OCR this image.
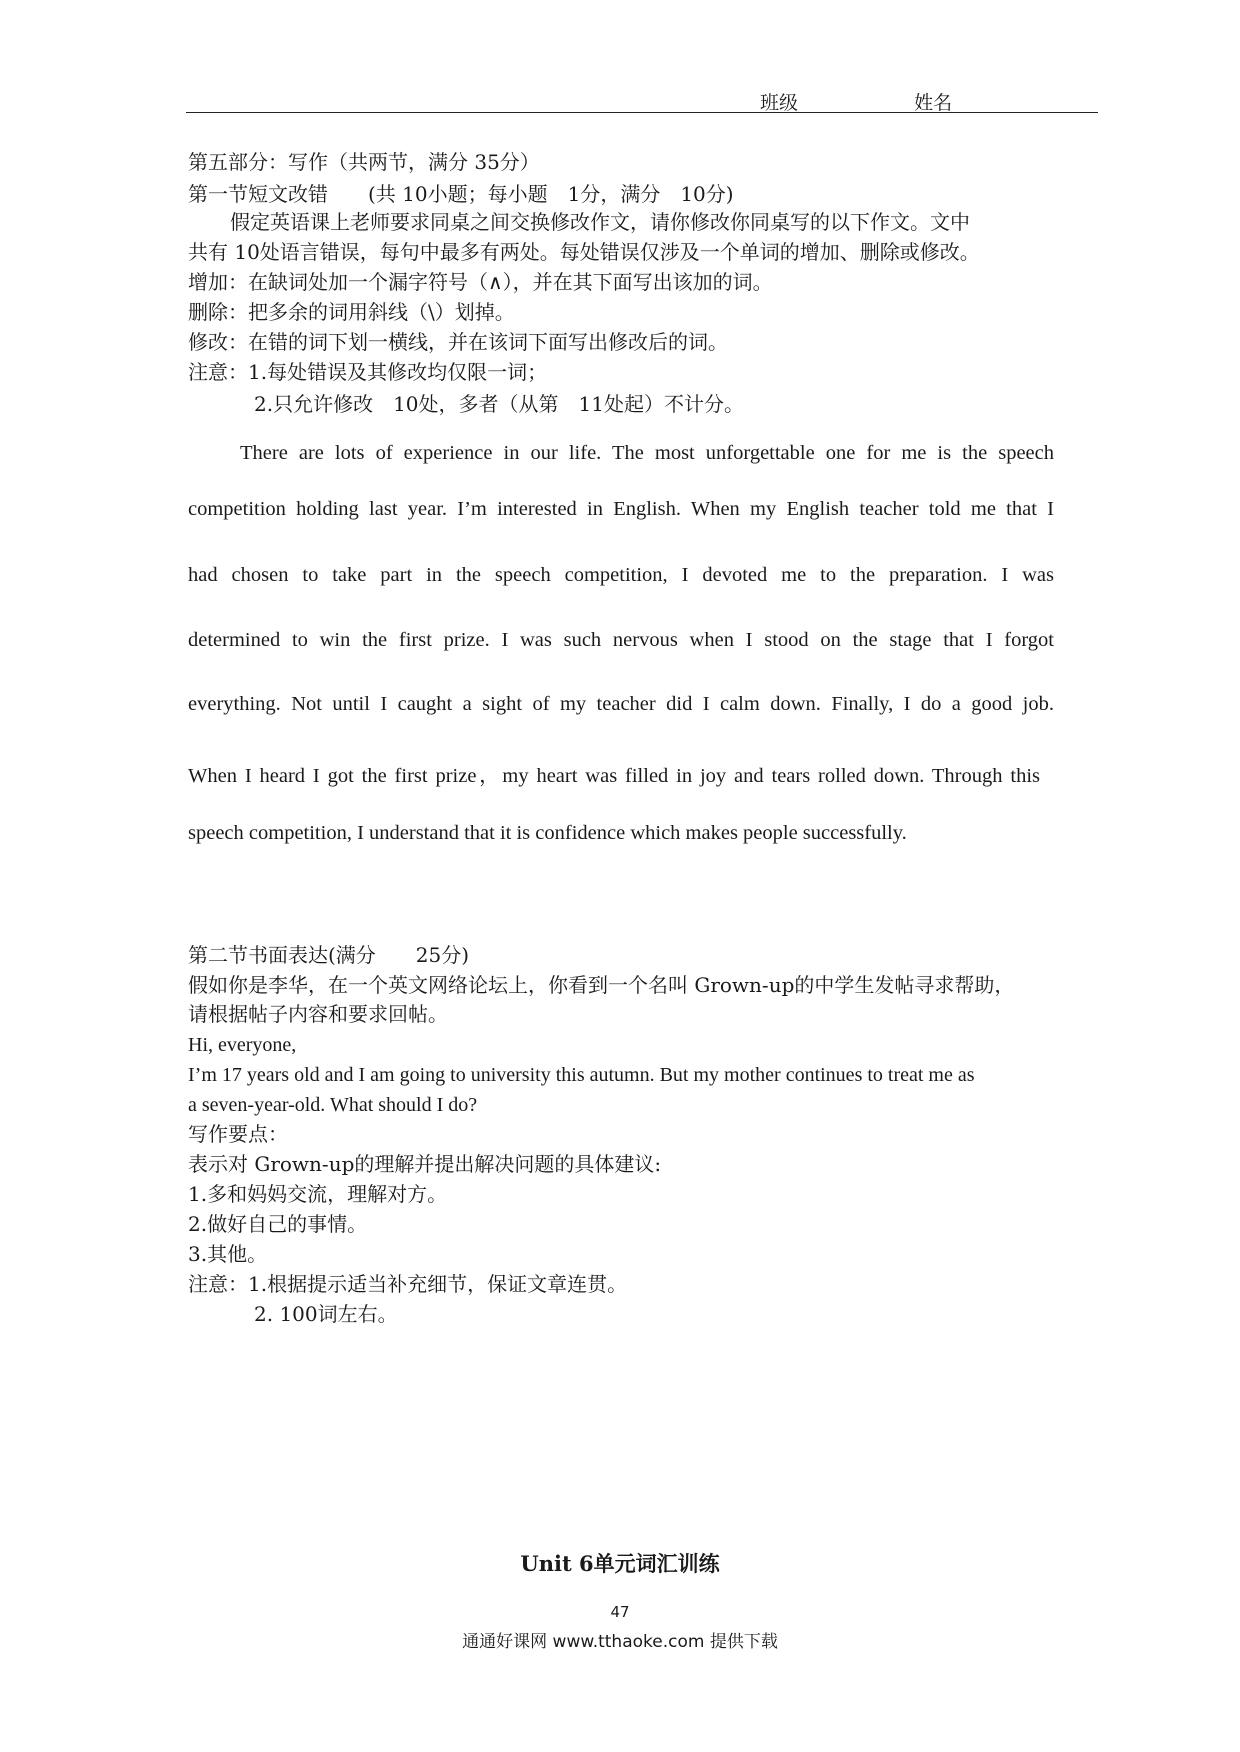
班级	姓名
第五部分：写作（共两节，满分 35分）
第一节短文改错　　(共 10小题；每小题　1分，满分　10分)
假定英语课上老师要求同桌之间交换修改作文，请你修改你同桌写的以下作文。文中
共有 10处语言错误，每句中最多有两处。每处错误仅涉及一个单词的增加、删除或修改。
增加：在缺词处加一个漏字符号（∧），并在其下面写出该加的词。
删除：把多余的词用斜线（\）划掉。
修改：在错的词下划一横线，并在该词下面写出修改后的词。
注意：1.每处错误及其修改均仅限一词；
2.只允许修改　10处，多者（从第　11处起）不计分。
There are lots of experience in our life. The most unforgettable one for me is the speech
competition holding last year. I’m interested in English. When my English teacher told me that I
had chosen to take part in the speech competition, I devoted me to the preparation. I was
determined to win the first prize. I was such nervous when I stood on the stage that I forgot
everything. Not until I caught a sight of my teacher did I calm down. Finally, I do a good job.
When I heard I got the first prize，my heart was filled in joy and tears rolled down. Through this
speech competition, I understand that it is confidence which makes people successfully.
第二节书面表达(满分　　25分)
假如你是李华，在一个英文网络论坛上，你看到一个名叫 Grown-up的中学生发帖寻求帮助，
请根据帖子内容和要求回帖。
Hi, everyone,
I’m 17 years old and I am going to university this autumn. But my mother continues to treat me as
a seven-year-old. What should I do?
写作要点：
表示对 Grown-up的理解并提出解决问题的具体建议:
1.多和妈妈交流，理解对方。
2.做好自己的事情。
3.其他。
注意：1.根据提示适当补充细节，保证文章连贯。
2. 100词左右。
Unit 6单元词汇训练
47
通通好课网 www.tthaoke.com 提供下载
